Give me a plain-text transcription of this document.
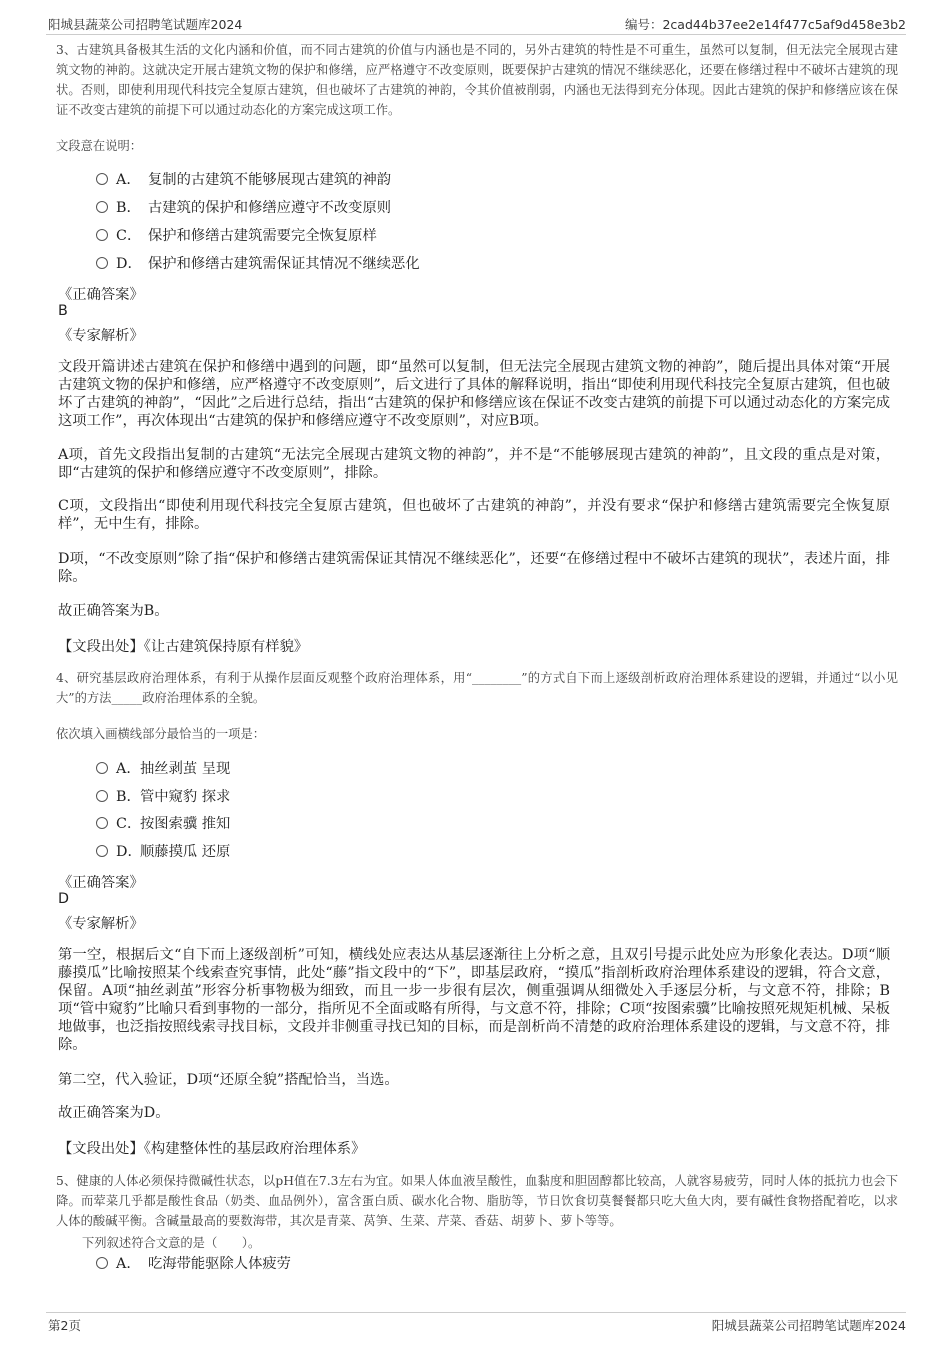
阳城县蔬菜公司招聘笔试题库2024	编号：2cad44b37ee2e14f477c5af9d458e3b2

3、古建筑具备极其生活的文化内涵和价值，而不同古建筑的价值与内涵也是不同的，另外古建筑的特性是不可重生，虽然可以复制，但无法完全展现古建筑文物的神韵。这就决定开展古建筑文物的保护和修缮，应严格遵守不改变原则，既要保护古建筑的情况不继续恶化，还要在修缮过程中不破坏古建筑的现状。否则，即使利用现代科技完全复原古建筑，但也破坏了古建筑的神韵，令其价值被削弱，内涵也无法得到充分体现。因此古建筑的保护和修缮应该在保证不改变古建筑的前提下可以通过动态化的方案完成这项工作。

文段意在说明：

A． 复制的古建筑不能够展现古建筑的神韵
B． 古建筑的保护和修缮应遵守不改变原则
C． 保护和修缮古建筑需要完全恢复原样
D． 保护和修缮古建筑需保证其情况不继续恶化

《正确答案》

B

《专家解析》

文段开篇讲述古建筑在保护和修缮中遇到的问题，即“虽然可以复制，但无法完全展现古建筑文物的神韵”，随后提出具体对策“开展古建筑文物的保护和修缮，应严格遵守不改变原则”，后文进行了具体的解释说明，指出“即使利用现代科技完全复原古建筑，但也破坏了古建筑的神韵”，“因此”之后进行总结，指出“古建筑的保护和修缮应该在保证不改变古建筑的前提下可以通过动态化的方案完成这项工作”，再次体现出“古建筑的保护和修缮应遵守不改变原则”，对应B项。

A项，首先文段指出复制的古建筑“无法完全展现古建筑文物的神韵”，并不是“不能够展现古建筑的神韵”，且文段的重点是对策，即“古建筑的保护和修缮应遵守不改变原则”，排除。

C项，文段指出“即使利用现代科技完全复原古建筑，但也破坏了古建筑的神韵”，并没有要求“保护和修缮古建筑需要完全恢复原样”，无中生有，排除。

D项，“不改变原则”除了指“保护和修缮古建筑需保证其情况不继续恶化”，还要“在修缮过程中不破坏古建筑的现状”，表述片面，排除。

故正确答案为B。

【文段出处】《让古建筑保持原有样貌》

4、研究基层政府治理体系，有利于从操作层面反观整个政府治理体系，用“________”的方式自下而上逐级剖析政府治理体系建设的逻辑，并通过“以小见大”的方法_____政府治理体系的全貌。

依次填入画横线部分最恰当的一项是：

A．抽丝剥茧 呈现
B．管中窥豹 探求
C．按图索骥 推知
D．顺藤摸瓜 还原

《正确答案》

D

《专家解析》

第一空，根据后文“自下而上逐级剖析”可知，横线处应表达从基层逐渐往上分析之意，且双引号提示此处应为形象化表达。D项“顺藤摸瓜”比喻按照某个线索查究事情，此处“藤”指文段中的“下”，即基层政府，“摸瓜”指剖析政府治理体系建设的逻辑，符合文意，保留。A项“抽丝剥茧”形容分析事物极为细致，而且一步一步很有层次，侧重强调从细微处入手逐层分析，与文意不符，排除；B项“管中窥豹”比喻只看到事物的一部分，指所见不全面或略有所得，与文意不符，排除；C项“按图索骥”比喻按照死规矩机械、呆板地做事，也泛指按照线索寻找目标，文段并非侧重寻找已知的目标，而是剖析尚不清楚的政府治理体系建设的逻辑，与文意不符，排除。

第二空，代入验证，D项“还原全貌”搭配恰当，当选。

故正确答案为D。

【文段出处】《构建整体性的基层政府治理体系》

5、健康的人体必须保持微碱性状态，以pH值在7.3左右为宜。如果人体血液呈酸性，血黏度和胆固醇都比较高，人就容易疲劳，同时人体的抵抗力也会下降。而荤菜几乎都是酸性食品（奶类、血品例外），富含蛋白质、碳水化合物、脂肪等，节日饮食切莫餐餐都只吃大鱼大肉，要有碱性食物搭配着吃，以求人体的酸碱平衡。含碱量最高的要数海带，其次是青菜、莴笋、生菜、芹菜、香菇、胡萝卜、萝卜等等。

下列叙述符合文意的是（　　）。

A． 吃海带能驱除人体疲劳
第2页	阳城县蔬菜公司招聘笔试题库2024
